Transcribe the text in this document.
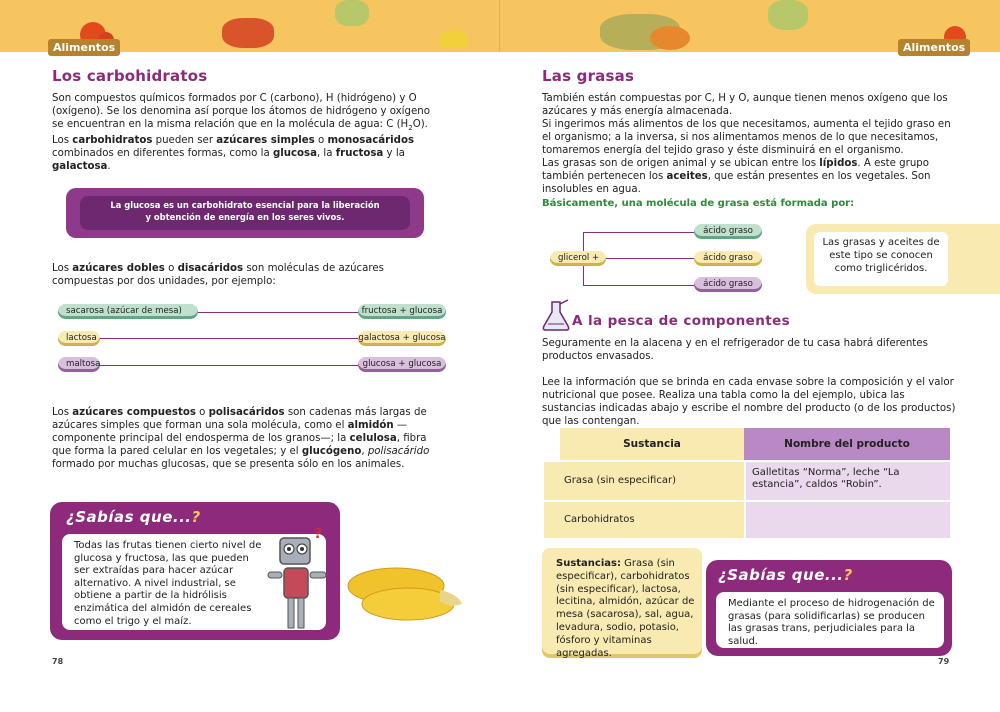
Alimentos
Los carbohidratos
Son compuestos químicos formados por C (carbono), H (hidrógeno) y O (oxígeno). Se los denomina así porque los átomos de hidrógeno y oxígeno se encuentran en la misma relación que en la molécula de agua: C $(H_2O)$.
Los carbohidratos pueden ser azúcares simples o monosacáridos combinados en diferentes formas, como la glucosa, la fructosa y la galactosa.
La glucosa es un carbohidrato esencial para la liberación
y obtención de energía en los seres vivos.
Los azúcares dobles o disacáridos son moléculas de azúcares compuestas por dos unidades, por ejemplo:
sacarosa (azúcar de mesa)
lactosa
maltosa
fructosa + glucosa
galactosa + glucosa
glucosa + glucosa
Los azúcares compuestos o polisacáridos son cadenas más largas de azúcares simples que forman una sola molécula, como el almidón —componente principal del endosperma de los granos—; la celulosa, fibra que forma la pared celular en los vegetales; y el glucógeno, polisacárido formado por muchas glucosas, que se presenta sólo en los animales.
¿Sabías que...?
Todas las frutas tienen cierto nivel de glucosa y fructosa, las que pueden ser extraídas para hacer azúcar alternativo. A nivel industrial, se obtiene a partir de la hidrólisis enzimática del almidón de cereales como el trigo y el maíz.
?
78
Alimentos
Las grasas
También están compuestas por C, H y O, aunque tienen menos oxígeno que los azúcares y más energía almacenada.
Si ingerimos más alimentos de los que necesitamos, aumenta el tejido graso en el organismo; a la inversa, si nos alimentamos menos de lo que necesitamos, tomaremos energía del tejido graso y éste disminuirá en el organismo.
Las grasas son de origen animal y se ubican entre los lípidos. A este grupo también pertenecen los aceites, que están presentes en los vegetales. Son insolubles en agua.
Básicamente, una molécula de grasa está formada por:
glicerol +
ácido graso
ácido graso
ácido graso
A la pesca de componentes
Seguramente en la alacena y en el refrigerador de tu casa habrá diferentes productos envasados.
Lee la información que se brinda en cada envase sobre la composición y el valor nutricional que posee. Realiza una tabla como la del ejemplo, ubica las sustancias indicadas abajo y escribe el nombre del producto (o de los productos) que las contengan.
Sustancia	Nombre del producto
Grasa (sin especificar)
Galletitas “Norma”, leche “La estancia”, caldos “Robin”.
Carbohidratos
Sustancias: Grasa (sin especificar), carbohidratos (sin especificar), lactosa, lecitina, almidón, azúcar de mesa (sacarosa), sal, agua, levadura, sodio, potasio, fósforo y vitaminas agregadas.
¿Sabías que...?
Mediante el proceso de hidrogenación de grasas (para solidificarlas) se producen las grasas trans, perjudiciales para la salud.
79
Las grasas y aceites de este tipo se conocen como triglicéridos.
